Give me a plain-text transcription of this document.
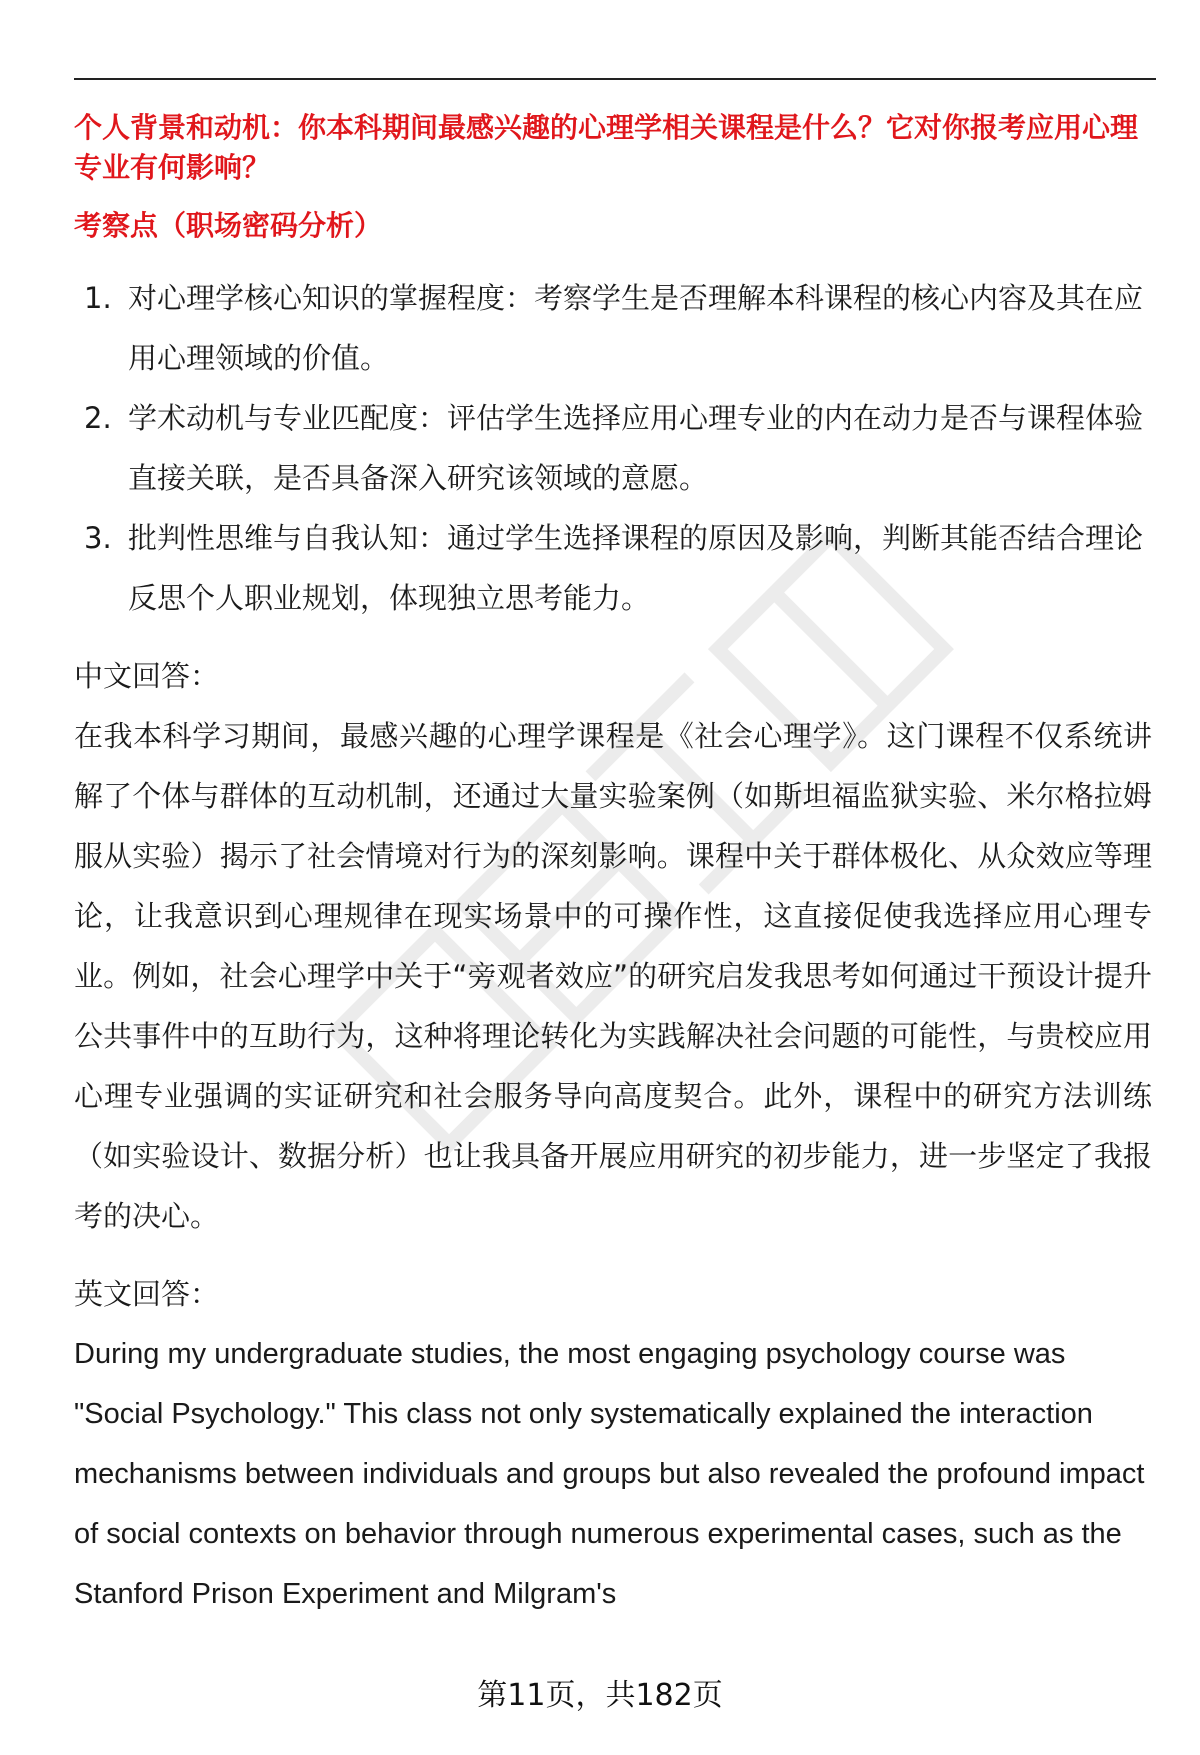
个人背景和动机：你本科期间最感兴趣的心理学相关课程是什么？它对你报考应用心理专业有何影响？

考察点（职场密码分析）

1. 对心理学核心知识的掌握程度：考察学生是否理解本科课程的核心内容及其在应用心理领域的价值。
2. 学术动机与专业匹配度：评估学生选择应用心理专业的内在动力是否与课程体验直接关联，是否具备深入研究该领域的意愿。
3. 批判性思维与自我认知：通过学生选择课程的原因及影响，判断其能否结合理论反思个人职业规划，体现独立思考能力。

中文回答：

在我本科学习期间，最感兴趣的心理学课程是《社会心理学》。这门课程不仅系统讲解了个体与群体的互动机制，还通过大量实验案例（如斯坦福监狱实验、米尔格拉姆服从实验）揭示了社会情境对行为的深刻影响。课程中关于群体极化、从众效应等理论，让我意识到心理规律在现实场景中的可操作性，这直接促使我选择应用心理专业。例如，社会心理学中关于“旁观者效应”的研究启发我思考如何通过干预设计提升公共事件中的互助行为，这种将理论转化为实践解决社会问题的可能性，与贵校应用心理专业强调的实证研究和社会服务导向高度契合。此外，课程中的研究方法训练（如实验设计、数据分析）也让我具备开展应用研究的初步能力，进一步坚定了我报考的决心。

英文回答：

During my undergraduate studies, the most engaging psychology course was "Social Psychology." This class not only systematically explained the interaction mechanisms between individuals and groups but also revealed the profound impact of social contexts on behavior through numerous experimental cases, such as the Stanford Prison Experiment and Milgram's

第11页，共182页
